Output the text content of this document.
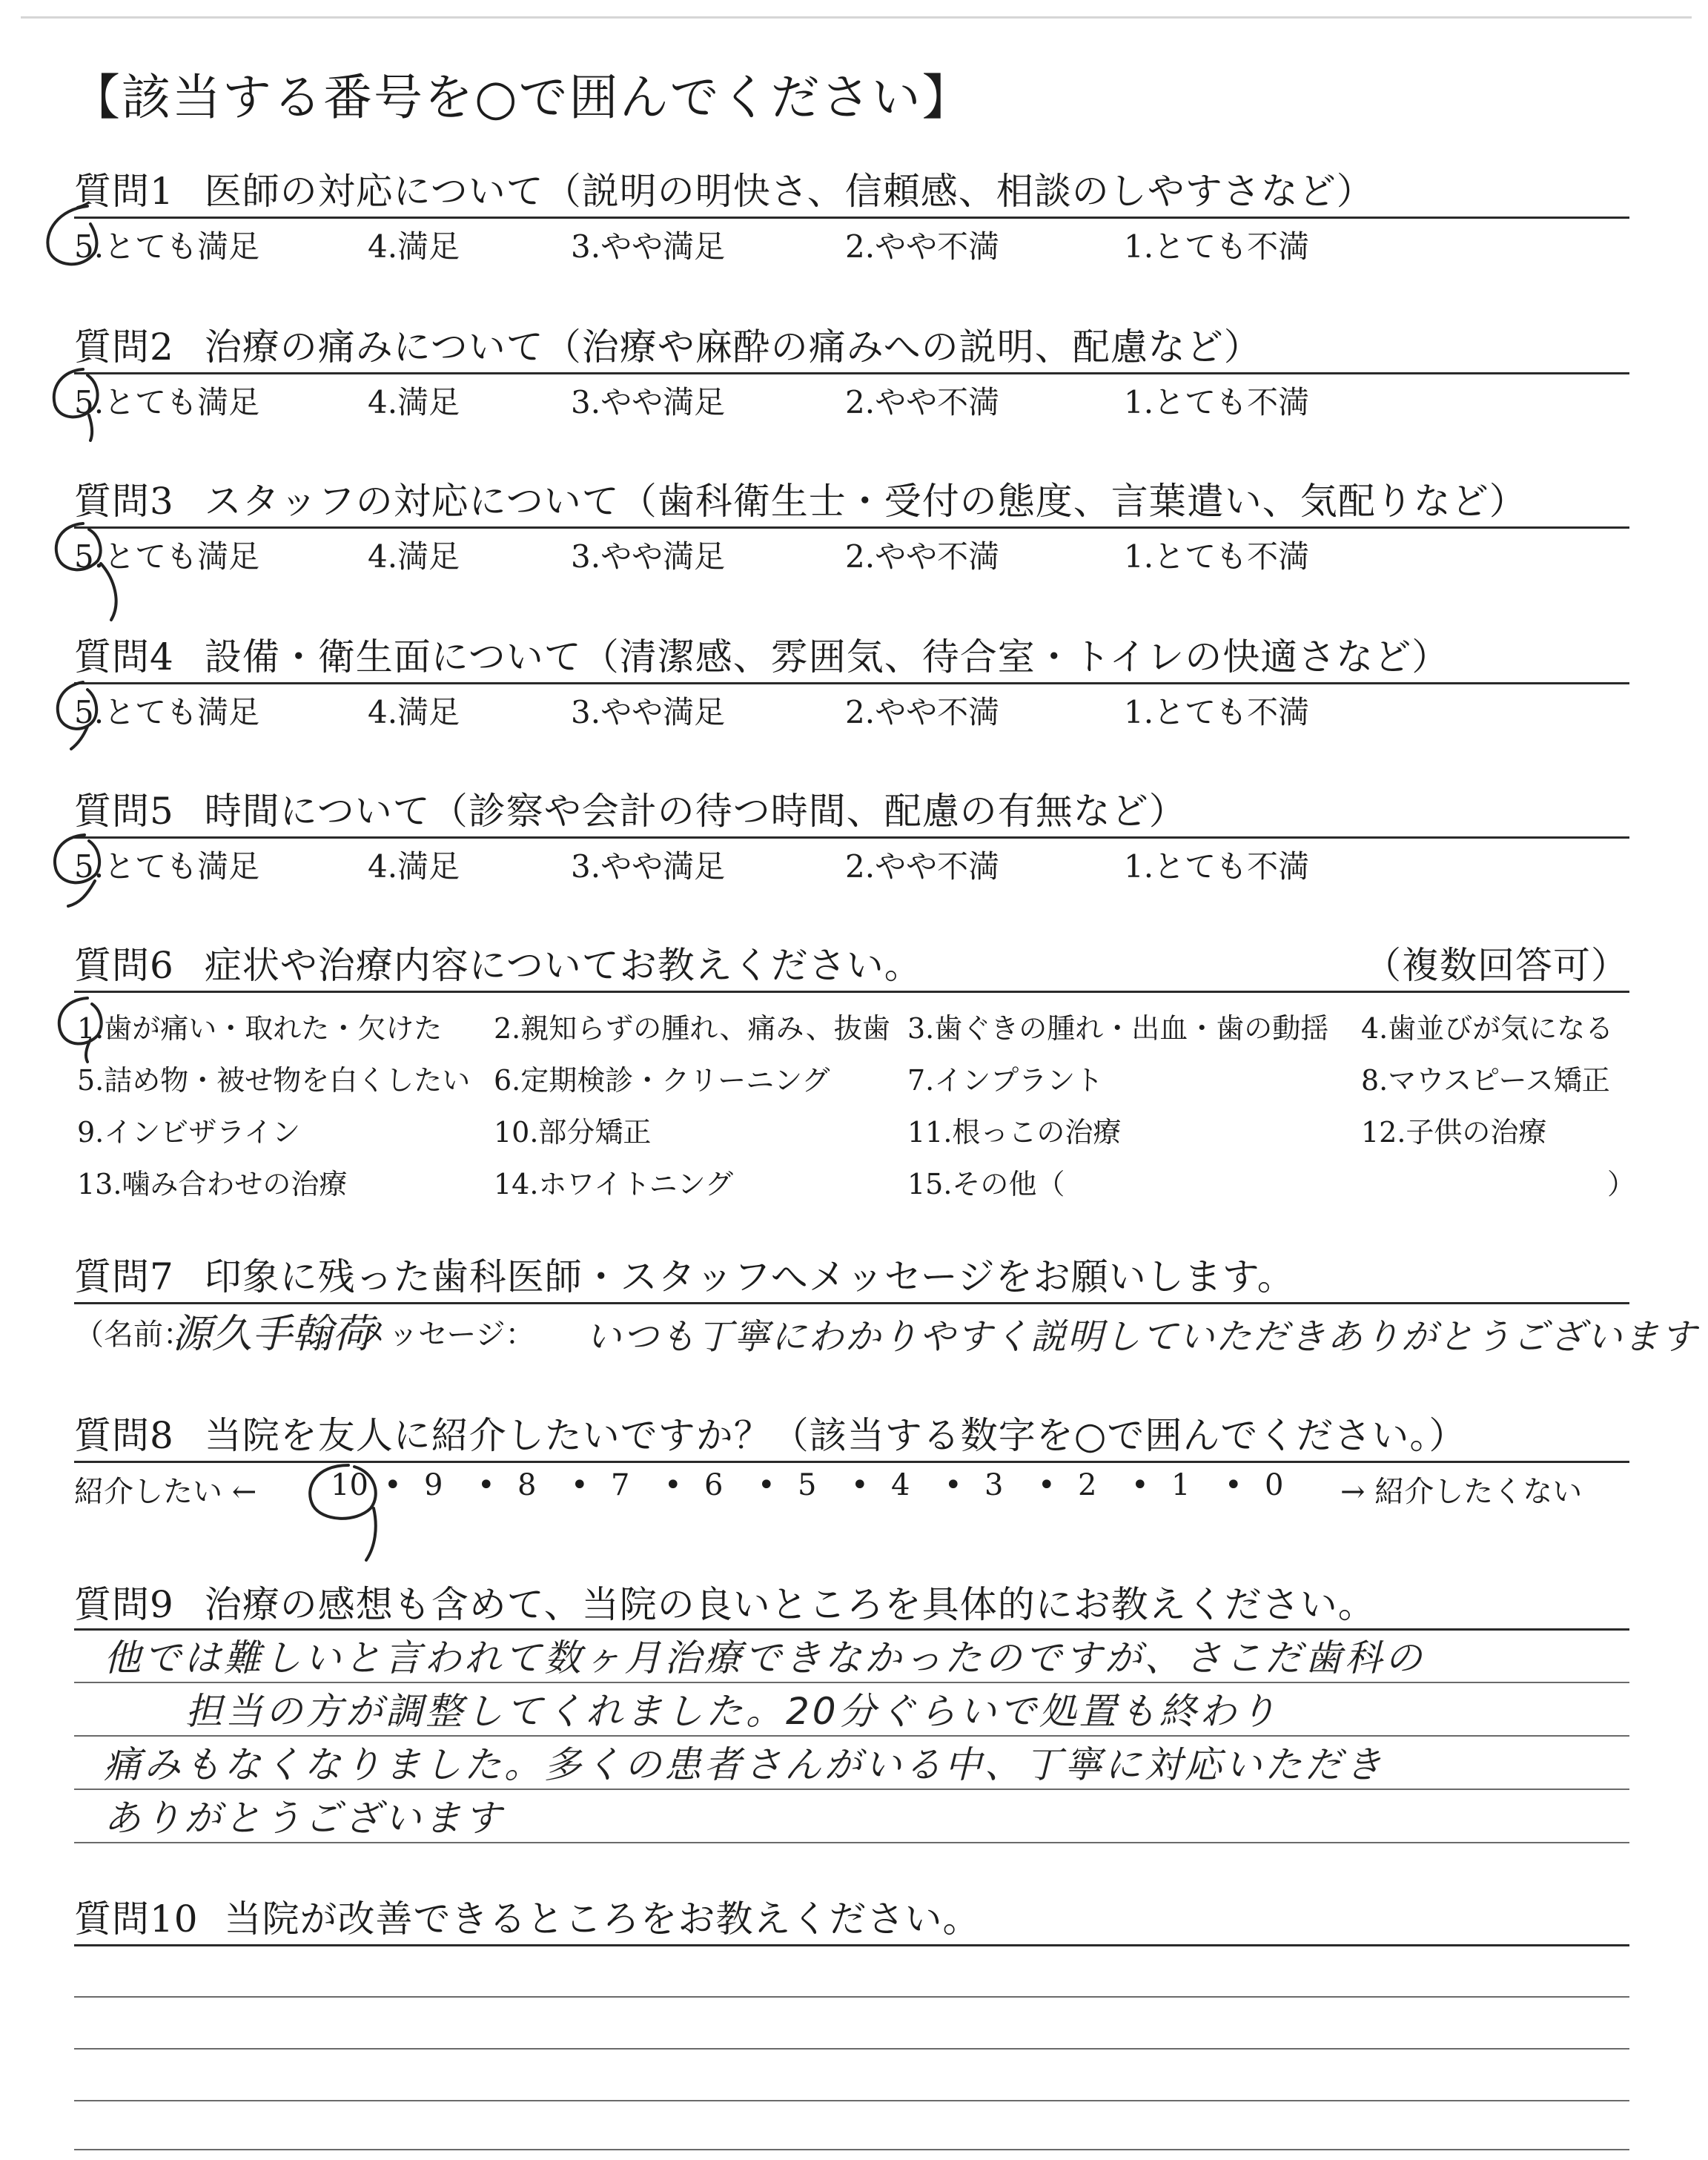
【該当する番号を○で囲んでください】
質問1 医師の対応について（説明の明快さ、信頼感、相談のしやすさなど）
5.とても満足	4.満足	3.やや満足	2.やや不満	1.とても不満
質問2 治療の痛みについて（治療や麻酔の痛みへの説明、配慮など）
5.とても満足	4.満足	3.やや満足	2.やや不満	1.とても不満
質問3 スタッフの対応について（歯科衛生士・受付の態度、言葉遣い、気配りなど）
5.とても満足	4.満足	3.やや満足	2.やや不満	1.とても不満
質問4 設備・衛生面について（清潔感、雰囲気、待合室・トイレの快適さなど）
5.とても満足	4.満足	3.やや満足	2.やや不満	1.とても不満
質問5 時間について（診察や会計の待つ時間、配慮の有無など）
5.とても満足	4.満足	3.やや満足	2.やや不満	1.とても不満
質問6 症状や治療内容についてお教えください。	（複数回答可）
1.歯が痛い・取れた・欠けた 2.親知らずの腫れ、痛み、抜歯 3.歯ぐきの腫れ・出血・歯の動揺 4.歯並びが気になる
5.詰め物・被せ物を白くしたい 6.定期検診・クリーニング	7.インプラント	8.マウスピース矯正
9.インビザライン	10.部分矯正	11.根っこの治療	12.子供の治療
13.噛み合わせの治療	14.ホワイトニング	15.その他（	）
質問7 印象に残った歯科医師・スタッフへメッセージをお願いします。
（名前：
源久手翰荷
メッセージ： いつも丁寧にわかりやすく説明していただきありがとうございます
質問8 当院を友人に紹介したいですか？（該当する数字を○で囲んでください。）
紹介したい ←	→ 紹介したくない
10 • 9 • 8 • 7 • 6 • 5 • 4 • 3 • 2 • 1 • 0
質問9 治療の感想も含めて、当院の良いところを具体的にお教えください。
他では難しいと言われて数ヶ月治療できなかったのですが、さこだ歯科の
担当の方が調整してくれました。20分ぐらいで処置も終わり
痛みもなくなりました。多くの患者さんがいる中、丁寧に対応いただき
ありがとうございます
質問10 当院が改善できるところをお教えください。
